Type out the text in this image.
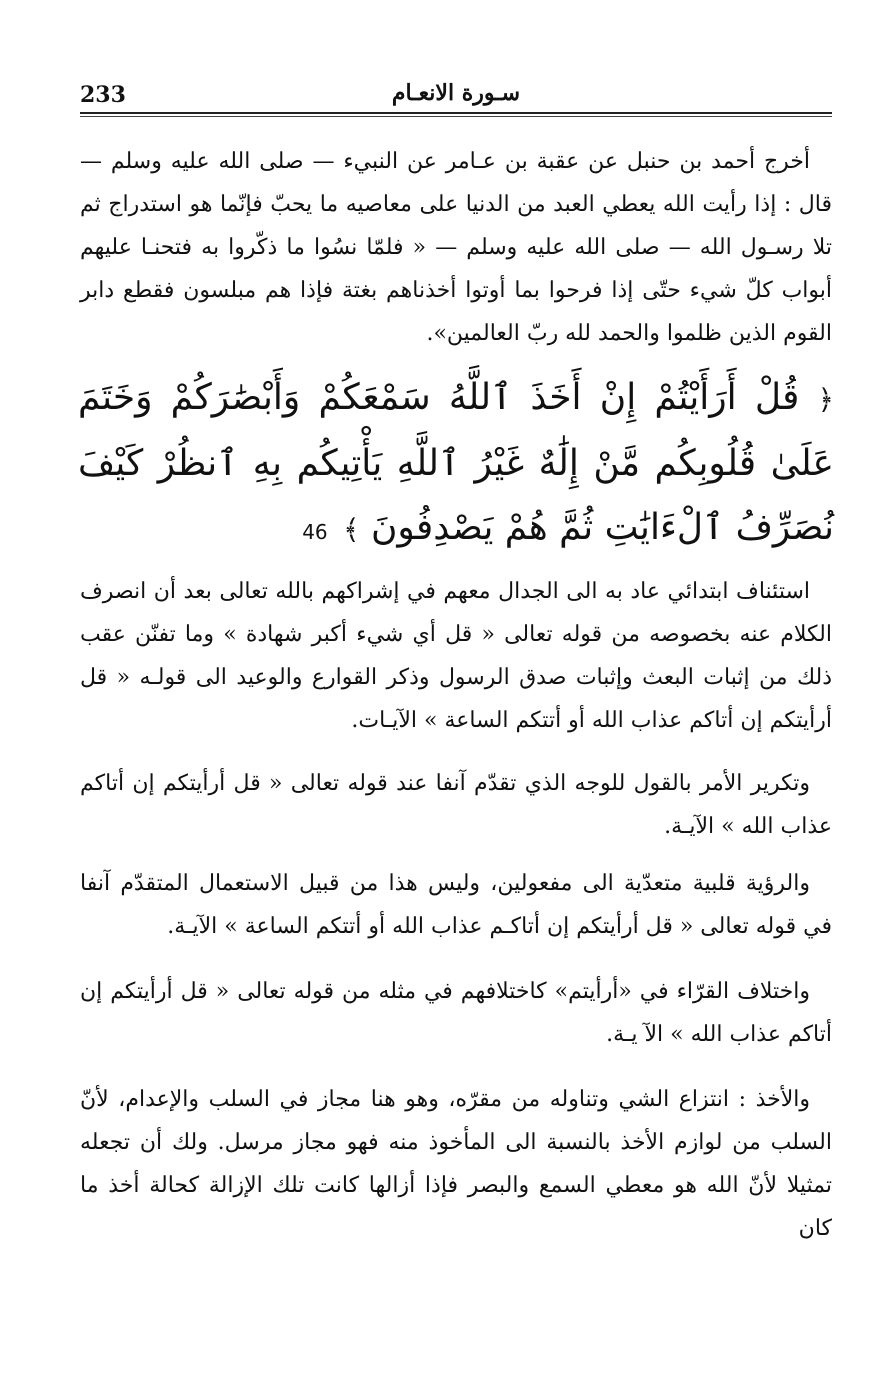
233	سـورة الانعـام

أخرج أحمد بن حنبل عن عقبة بن عـامر عن النبيء — صلى الله عليه وسلم — قال : إذا رأيت الله يعطي العبد من الدنيا على معاصيه ما يحبّ فإنّما هو استدراج ثم تلا رسـول الله — صلى الله عليه وسلم — « فلمّا نسُوا ما ذكّروا به فتحنـا عليهم أبواب كلّ شيء حتّى إذا فرحوا بما أوتوا أخذناهم بغتة فإذا هم مبلسون فقطع دابر القوم الذين ظلموا والحمد لله ربّ العالمين».

﴿ قُلْ أَرَأَيْتُمْ إِنْ أَخَذَ ٱللَّهُ سَمْعَكُمْ وَأَبْصَٰرَكُمْ وَخَتَمَ عَلَىٰ قُلُوبِكُم مَّنْ إِلَٰهٌ غَيْرُ ٱللَّهِ يَأْتِيكُم بِهِ ٱنظُرْ كَيْفَ نُصَرِّفُ ٱلْءَايَٰتِ ثُمَّ هُمْ يَصْدِفُونَ ﴾ 46

استئناف ابتدائي عاد به الى الجدال معهم في إشراكهم بالله تعالى بعد أن انصرف الكلام عنه بخصوصه من قوله تعالى « قل أي شيء أكبر شهادة » وما تفنّن عقب ذلك من إثبات البعث وإثبات صدق الرسول وذكر القوارع والوعيد الى قولـه « قل أرأيتكم إن أتاكم عذاب الله أو أتتكم الساعة » الآيـات.

وتكرير الأمر بالقول للوجه الذي تقدّم آنفا عند قوله تعالى « قل أرأيتكم إن أتاكم عذاب الله » الآيـة.

والرؤية قلبية متعدّية الى مفعولين، وليس هذا من قبيل الاستعمال المتقدّم آنفا في قوله تعالى « قل أرأيتكم إن أتاكـم عذاب الله أو أتتكم الساعة » الآيـة.

واختلاف القرّاء في «أرأيتم» كاختلافهم في مثله من قوله تعالى « قل أرأيتكم إن أتاكم عذاب الله » الآ يـة.

والأخذ : انتزاع الشي وتناوله من مقرّه، وهو هنا مجاز في السلب والإعدام، لأنّ السلب من لوازم الأخذ بالنسبة الى المأخوذ منه فهو مجاز مرسل. ولك أن تجعله تمثيلا لأنّ الله هو معطي السمع والبصر فإذا أزالها كانت تلك الإزالة كحالة أخذ ما كان
